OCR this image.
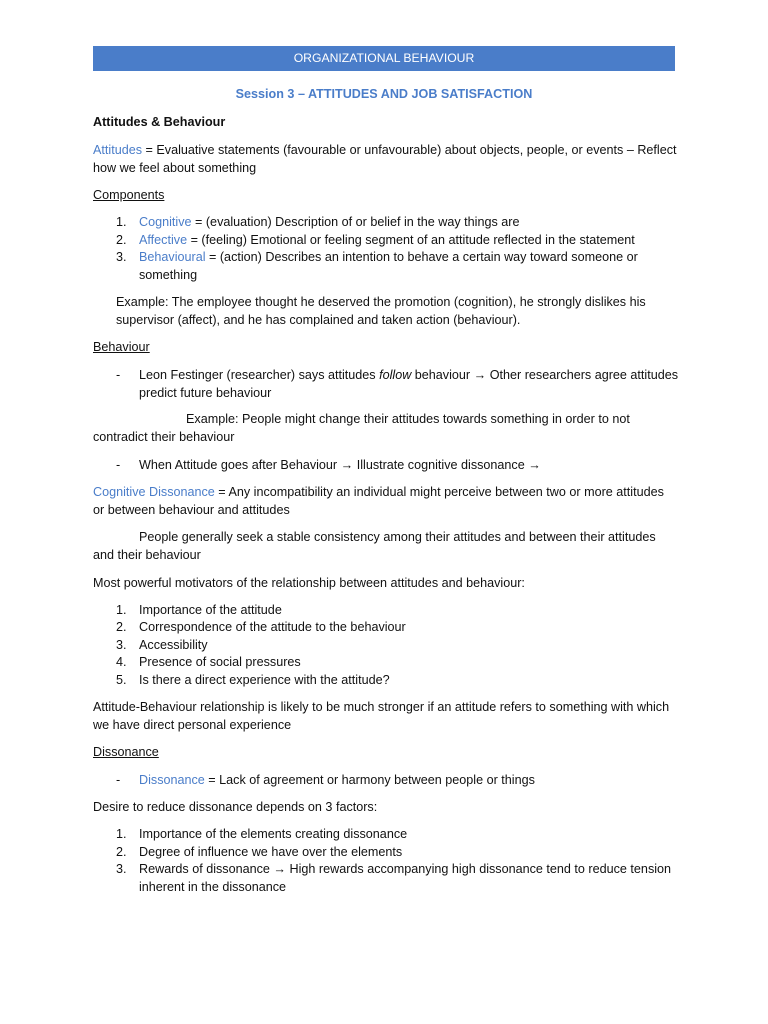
ORGANIZATIONAL BEHAVIOUR
Session 3 – ATTITUDES AND JOB SATISFACTION
Attitudes & Behaviour
Attitudes = Evaluative statements (favourable or unfavourable) about objects, people, or events – Reflect how we feel about something
Components
1. Cognitive = (evaluation) Description of or belief in the way things are
2. Affective = (feeling) Emotional or feeling segment of an attitude reflected in the statement
3. Behavioural = (action) Describes an intention to behave a certain way toward someone or something
Example: The employee thought he deserved the promotion (cognition), he strongly dislikes his supervisor (affect), and he has complained and taken action (behaviour).
Behaviour
- Leon Festinger (researcher) says attitudes follow behaviour → Other researchers agree attitudes predict future behaviour
Example: People might change their attitudes towards something in order to not contradict their behaviour
- When Attitude goes after Behaviour → Illustrate cognitive dissonance →
Cognitive Dissonance = Any incompatibility an individual might perceive between two or more attitudes or between behaviour and attitudes
People generally seek a stable consistency among their attitudes and between their attitudes and their behaviour
Most powerful motivators of the relationship between attitudes and behaviour:
1. Importance of the attitude
2. Correspondence of the attitude to the behaviour
3. Accessibility
4. Presence of social pressures
5. Is there a direct experience with the attitude?
Attitude-Behaviour relationship is likely to be much stronger if an attitude refers to something with which we have direct personal experience
Dissonance
- Dissonance = Lack of agreement or harmony between people or things
Desire to reduce dissonance depends on 3 factors:
1. Importance of the elements creating dissonance
2. Degree of influence we have over the elements
3. Rewards of dissonance → High rewards accompanying high dissonance tend to reduce tension inherent in the dissonance
